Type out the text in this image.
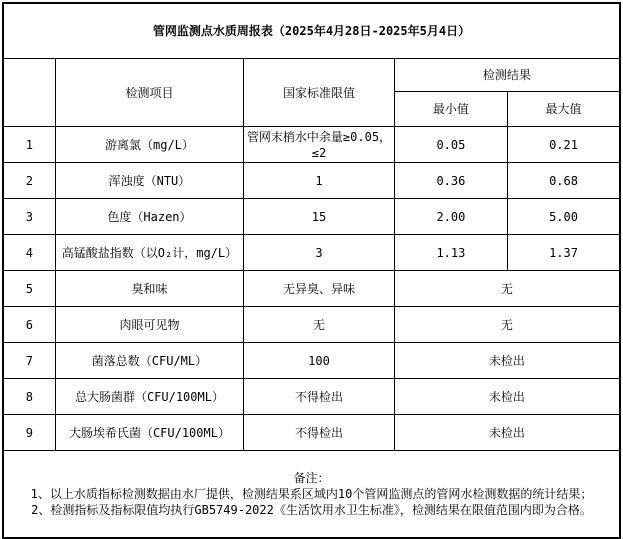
管网监测点水质周报表（2025年4月28日-2025年5月4日）				
	检测项目	国家标准限值	检测结果	
			最小值	最大值
1	游离氯（mg/L）	管网末梢水中余量≥0.05，≤2	0.05	0.21
2	浑浊度（NTU）	1	0.36	0.68
3	色度（Hazen）	15	2.00	5.00
4	高锰酸盐指数（以O₂计，mg/L）	3	1.13	1.37
5	臭和味	无异臭、异味	无	
6	肉眼可见物	无	无	
7	菌落总数（CFU/ML）	100	未检出	
8	总大肠菌群（CFU/100ML）	不得检出	未检出	
9	大肠埃希氏菌（CFU/100ML）	不得检出	未检出	

备注：
1、以上水质指标检测数据由水厂提供，检测结果系区域内10个管网监测点的管网水检测数据的统计结果；
2、检测指标及指标限值均执行GB5749-2022《生活饮用水卫生标准》，检测结果在限值范围内即为合格。				
